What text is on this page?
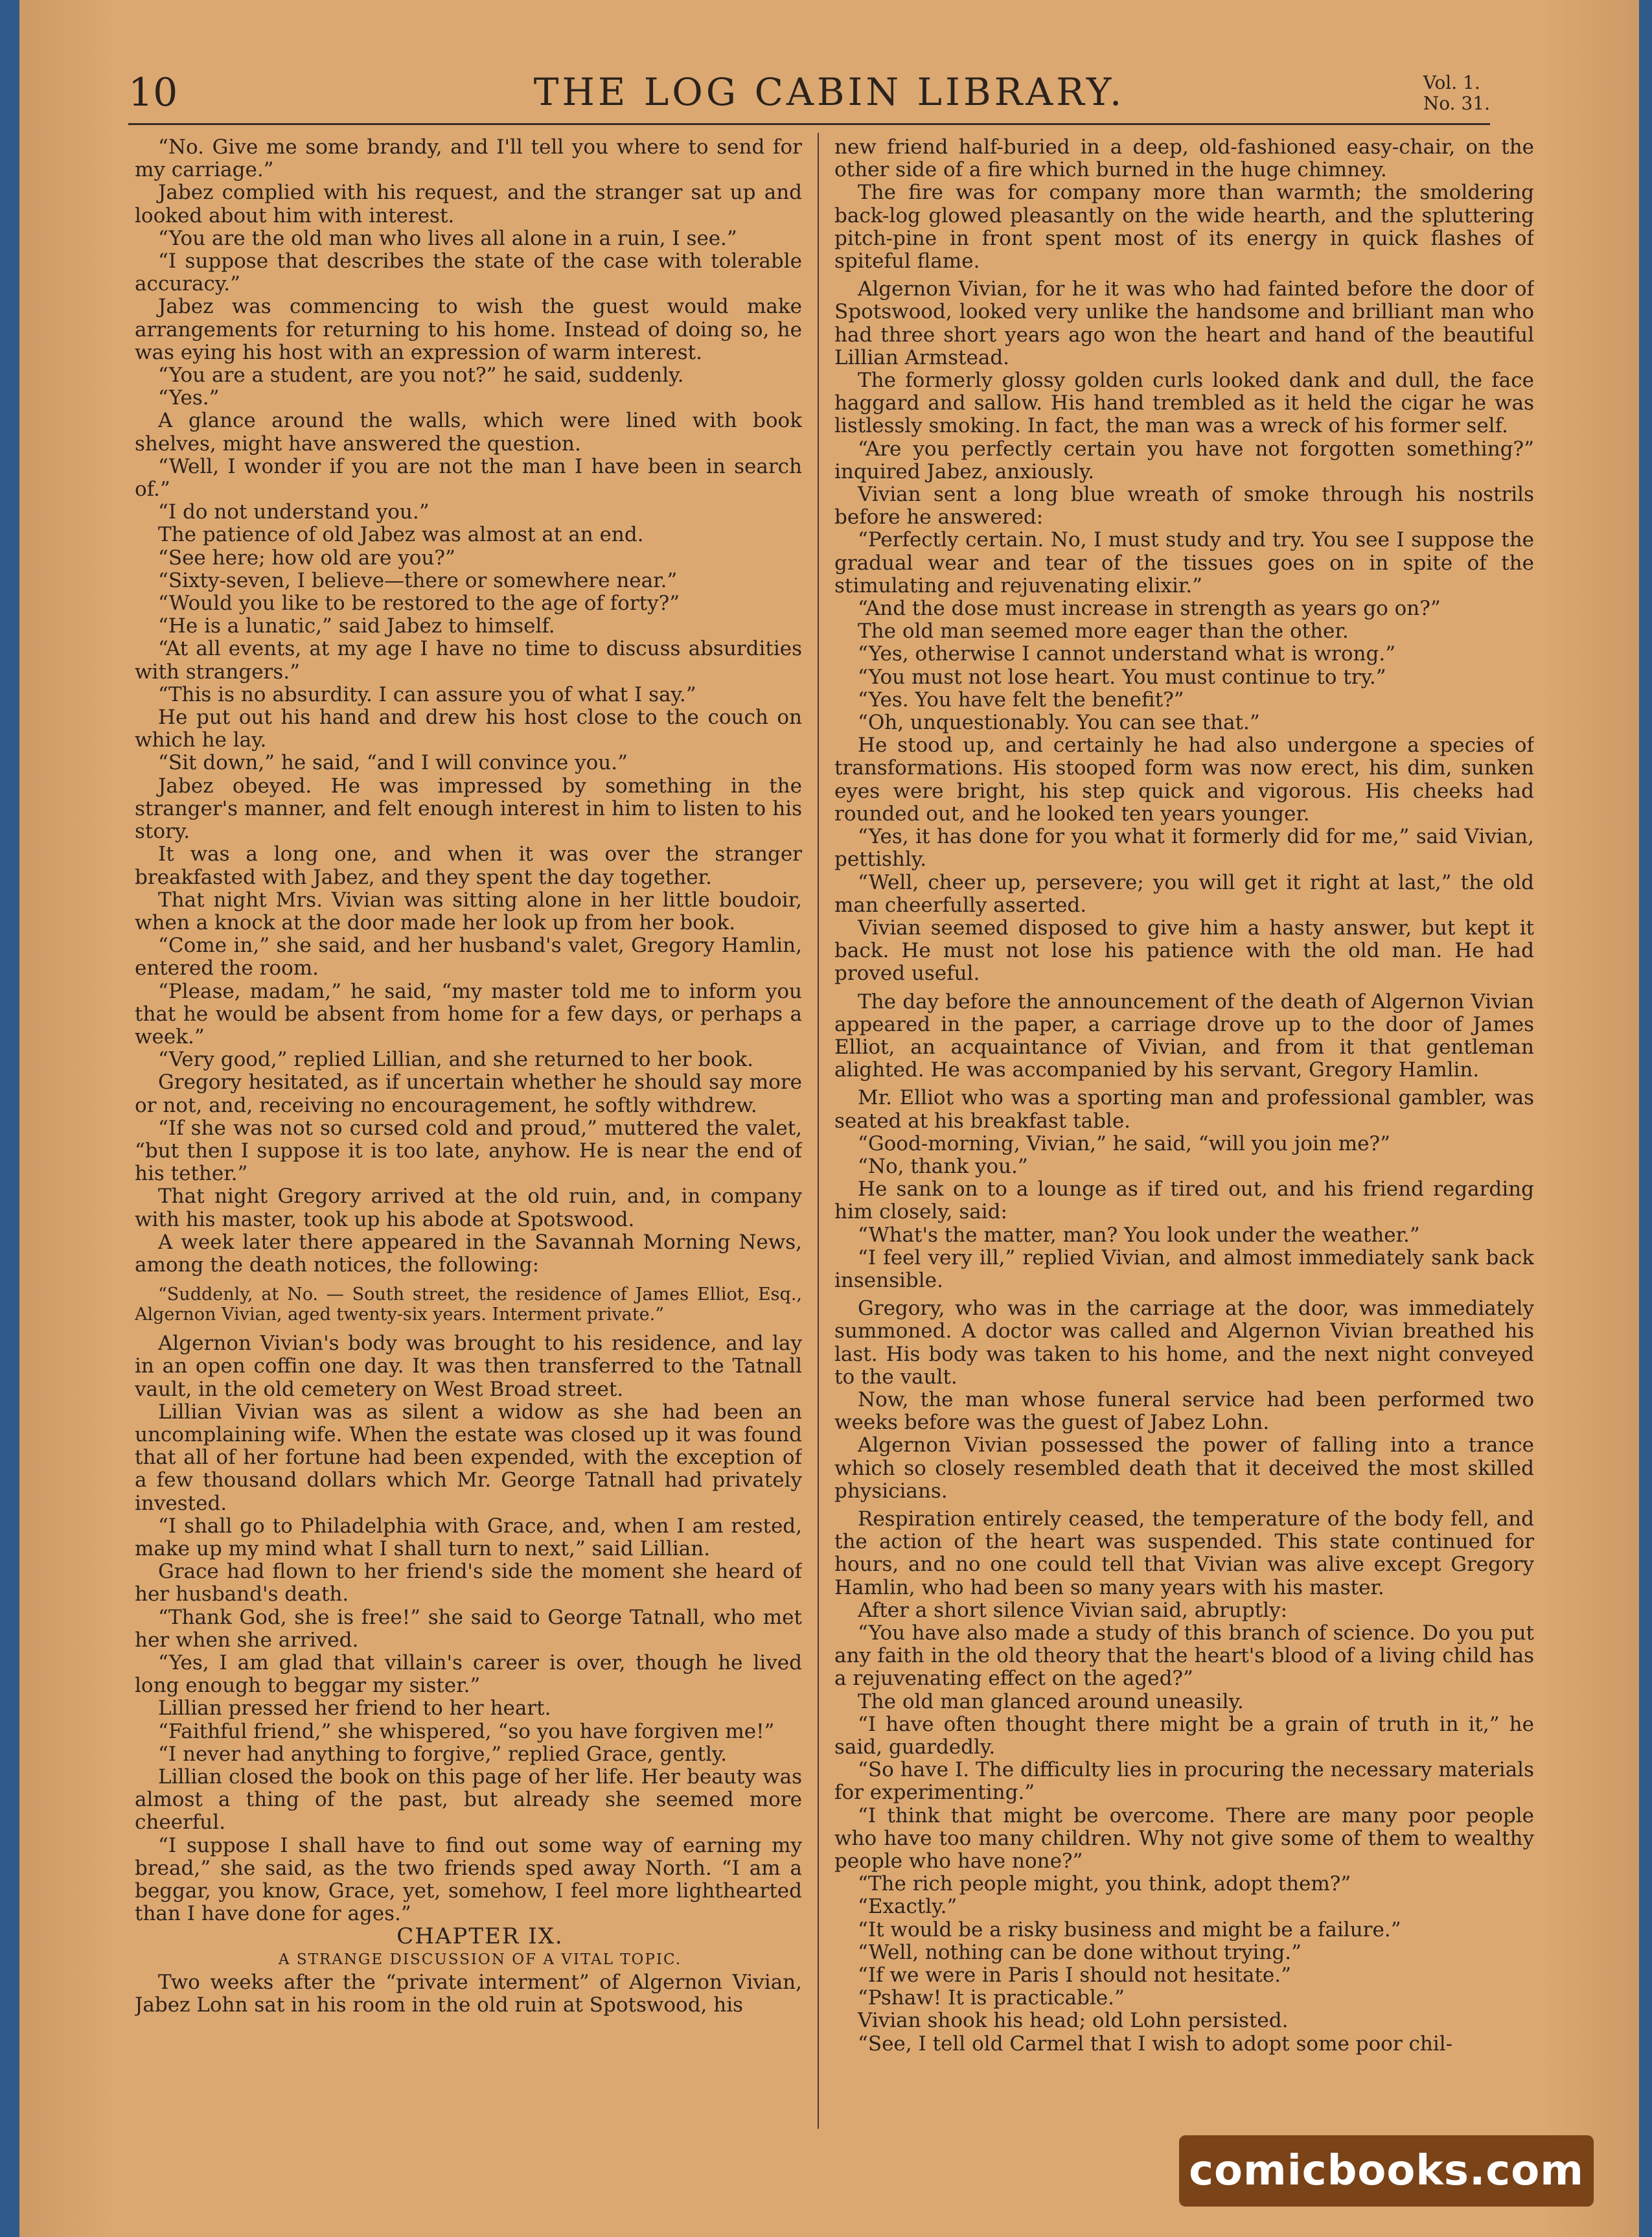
10	THE LOG CABIN LIBRARY.	Vol. 1.
No. 31.

“No. Give me some brandy, and I'll tell you where to send for my carriage.”

Jabez complied with his request, and the stranger sat up and looked about him with interest.

“You are the old man who lives all alone in a ruin, I see.”

“I suppose that describes the state of the case with tolerable accuracy.”

Jabez was commencing to wish the guest would make arrangements for returning to his home. Instead of doing so, he was eying his host with an expression of warm interest.

“You are a student, are you not?” he said, suddenly.

“Yes.”

A glance around the walls, which were lined with book shelves, might have answered the question.

“Well, I wonder if you are not the man I have been in search of.”

“I do not understand you.”

The patience of old Jabez was almost at an end.

“See here; how old are you?”

“Sixty-seven, I believe—there or somewhere near.”

“Would you like to be restored to the age of forty?”

“He is a lunatic,” said Jabez to himself.

“At all events, at my age I have no time to discuss absurdities with strangers.”

“This is no absurdity. I can assure you of what I say.”

He put out his hand and drew his host close to the couch on which he lay.

“Sit down,” he said, “and I will convince you.”

Jabez obeyed. He was impressed by something in the stranger's manner, and felt enough interest in him to listen to his story.

It was a long one, and when it was over the stranger breakfasted with Jabez, and they spent the day together.

That night Mrs. Vivian was sitting alone in her little boudoir, when a knock at the door made her look up from her book.

“Come in,” she said, and her husband's valet, Gregory Hamlin, entered the room.

“Please, madam,” he said, “my master told me to inform you that he would be absent from home for a few days, or perhaps a week.”

“Very good,” replied Lillian, and she returned to her book.

Gregory hesitated, as if uncertain whether he should say more or not, and, receiving no encouragement, he softly withdrew.

“If she was not so cursed cold and proud,” muttered the valet, “but then I suppose it is too late, anyhow. He is near the end of his tether.”

That night Gregory arrived at the old ruin, and, in company with his master, took up his abode at Spotswood.

A week later there appeared in the Savannah Morning News, among the death notices, the following:

“Suddenly, at No. — South street, the residence of James Elliot, Esq., Algernon Vivian, aged twenty-six years. Interment private.”

Algernon Vivian's body was brought to his residence, and lay in an open coffin one day. It was then transferred to the Tatnall vault, in the old cemetery on West Broad street.

Lillian Vivian was as silent a widow as she had been an uncomplaining wife. When the estate was closed up it was found that all of her fortune had been expended, with the exception of a few thousand dollars which Mr. George Tatnall had privately invested.

“I shall go to Philadelphia with Grace, and, when I am rested, make up my mind what I shall turn to next,” said Lillian.

Grace had flown to her friend's side the moment she heard of her husband's death.

“Thank God, she is free!” she said to George Tatnall, who met her when she arrived.

“Yes, I am glad that villain's career is over, though he lived long enough to beggar my sister.”

Lillian pressed her friend to her heart.

“Faithful friend,” she whispered, “so you have forgiven me!”

“I never had anything to forgive,” replied Grace, gently.

Lillian closed the book on this page of her life. Her beauty was almost a thing of the past, but already she seemed more cheerful.

“I suppose I shall have to find out some way of earning my bread,” she said, as the two friends sped away North. “I am a beggar, you know, Grace, yet, somehow, I feel more lighthearted than I have done for ages.”

CHAPTER IX.

A STRANGE DISCUSSION OF A VITAL TOPIC.

Two weeks after the “private interment” of Algernon Vivian, Jabez Lohn sat in his room in the old ruin at Spotswood, his

new friend half-buried in a deep, old-fashioned easy-chair, on the other side of a fire which burned in the huge chimney.

The fire was for company more than warmth; the smoldering back-log glowed pleasantly on the wide hearth, and the spluttering pitch-pine in front spent most of its energy in quick flashes of spiteful flame.

Algernon Vivian, for he it was who had fainted before the door of Spotswood, looked very unlike the handsome and brilliant man who had three short years ago won the heart and hand of the beautiful Lillian Armstead.

The formerly glossy golden curls looked dank and dull, the face haggard and sallow. His hand trembled as it held the cigar he was listlessly smoking. In fact, the man was a wreck of his former self.

“Are you perfectly certain you have not forgotten something?” inquired Jabez, anxiously.

Vivian sent a long blue wreath of smoke through his nostrils before he answered:

“Perfectly certain. No, I must study and try. You see I suppose the gradual wear and tear of the tissues goes on in spite of the stimulating and rejuvenating elixir.”

“And the dose must increase in strength as years go on?”

The old man seemed more eager than the other.

“Yes, otherwise I cannot understand what is wrong.”

“You must not lose heart. You must continue to try.”

“Yes. You have felt the benefit?”

“Oh, unquestionably. You can see that.”

He stood up, and certainly he had also undergone a species of transformations. His stooped form was now erect, his dim, sunken eyes were bright, his step quick and vigorous. His cheeks had rounded out, and he looked ten years younger.

“Yes, it has done for you what it formerly did for me,” said Vivian, pettishly.

“Well, cheer up, persevere; you will get it right at last,” the old man cheerfully asserted.

Vivian seemed disposed to give him a hasty answer, but kept it back. He must not lose his patience with the old man. He had proved useful.

The day before the announcement of the death of Algernon Vivian appeared in the paper, a carriage drove up to the door of James Elliot, an acquaintance of Vivian, and from it that gentleman alighted. He was accompanied by his servant, Gregory Hamlin.

Mr. Elliot who was a sporting man and professional gambler, was seated at his breakfast table.

“Good-morning, Vivian,” he said, “will you join me?”

“No, thank you.”

He sank on to a lounge as if tired out, and his friend regarding him closely, said:

“What's the matter, man? You look under the weather.”

“I feel very ill,” replied Vivian, and almost immediately sank back insensible.

Gregory, who was in the carriage at the door, was immediately summoned. A doctor was called and Algernon Vivian breathed his last. His body was taken to his home, and the next night conveyed to the vault.

Now, the man whose funeral service had been performed two weeks before was the guest of Jabez Lohn.

Algernon Vivian possessed the power of falling into a trance which so closely resembled death that it deceived the most skilled physicians.

Respiration entirely ceased, the temperature of the body fell, and the action of the heart was suspended. This state continued for hours, and no one could tell that Vivian was alive except Gregory Hamlin, who had been so many years with his master.

After a short silence Vivian said, abruptly:

“You have also made a study of this branch of science. Do you put any faith in the old theory that the heart's blood of a living child has a rejuvenating effect on the aged?”

The old man glanced around uneasily.

“I have often thought there might be a grain of truth in it,” he said, guardedly.

“So have I. The difficulty lies in procuring the necessary materials for experimenting.”

“I think that might be overcome. There are many poor people who have too many children. Why not give some of them to wealthy people who have none?”

“The rich people might, you think, adopt them?”

“Exactly.”

“It would be a risky business and might be a failure.”

“Well, nothing can be done without trying.”

“If we were in Paris I should not hesitate.”

“Pshaw! It is practicable.”

Vivian shook his head; old Lohn persisted.

“See, I tell old Carmel that I wish to adopt some poor chil-

comicbooks.com
